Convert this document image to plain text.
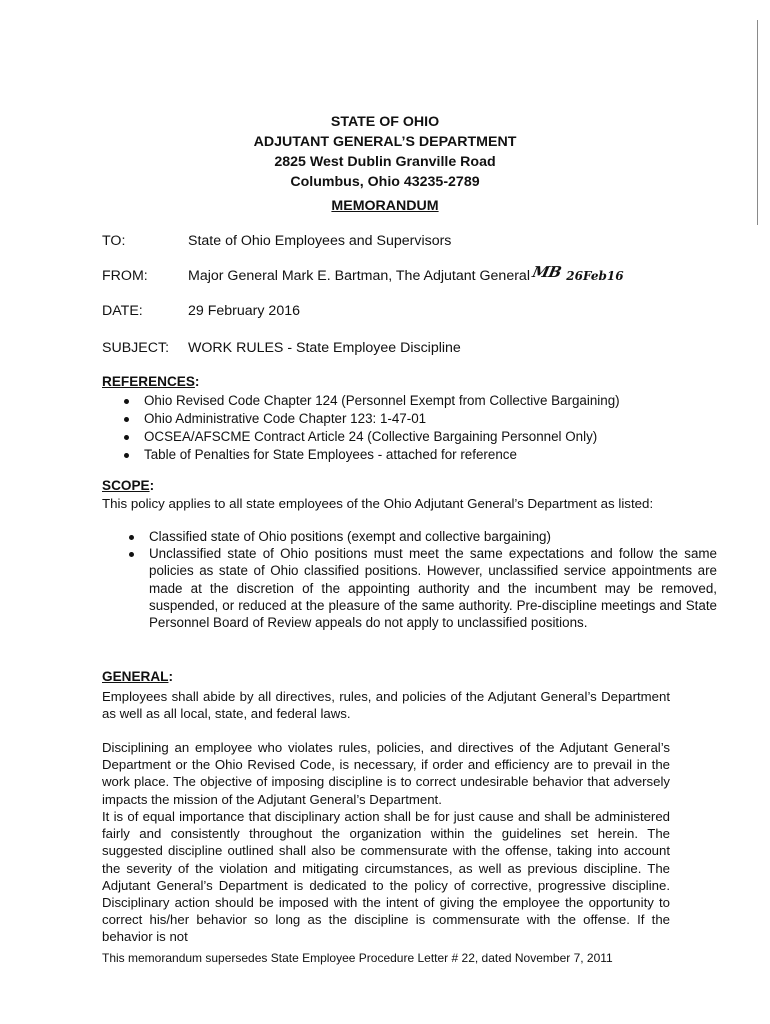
STATE OF OHIO
ADJUTANT GENERAL’S DEPARTMENT
2825 West Dublin Granville Road
Columbus, Ohio 43235-2789
MEMORANDUM
TO:	State of Ohio Employees and Supervisors
FROM:	Major General Mark E. Bartman, The Adjutant GeneralMB 26Feb16
DATE:	29 February 2016
SUBJECT: WORK RULES - State Employee Discipline
REFERENCES:
Ohio Revised Code Chapter 124 (Personnel Exempt from Collective Bargaining)
Ohio Administrative Code Chapter 123: 1-47-01
OCSEA/AFSCME Contract Article 24 (Collective Bargaining Personnel Only)
Table of Penalties for State Employees - attached for reference
SCOPE:
This policy applies to all state employees of the Ohio Adjutant General’s Department as listed:
Classified state of Ohio positions (exempt and collective bargaining)
Unclassified state of Ohio positions must meet the same expectations and follow the same policies as state of Ohio classified positions. However, unclassified service appointments are made at the discretion of the appointing authority and the incumbent may be removed, suspended, or reduced at the pleasure of the same authority. Pre-discipline meetings and State Personnel Board of Review appeals do not apply to unclassified positions.
GENERAL:

Employees shall abide by all directives, rules, and policies of the Adjutant General’s Department as well as all local, state, and federal laws.

Disciplining an employee who violates rules, policies, and directives of the Adjutant General’s Department or the Ohio Revised Code, is necessary, if order and efficiency are to prevail in the work place. The objective of imposing discipline is to correct undesirable behavior that adversely impacts the mission of the Adjutant General’s Department.

It is of equal importance that disciplinary action shall be for just cause and shall be administered fairly and consistently throughout the organization within the guidelines set herein. The suggested discipline outlined shall also be commensurate with the offense, taking into account the severity of the violation and mitigating circumstances, as well as previous discipline. The Adjutant General’s Department is dedicated to the policy of corrective, progressive discipline. Disciplinary action should be imposed with the intent of giving the employee the opportunity to correct his/her behavior so long as the discipline is commensurate with the offense. If the behavior is not

This memorandum supersedes State Employee Procedure Letter # 22, dated November 7, 2011
